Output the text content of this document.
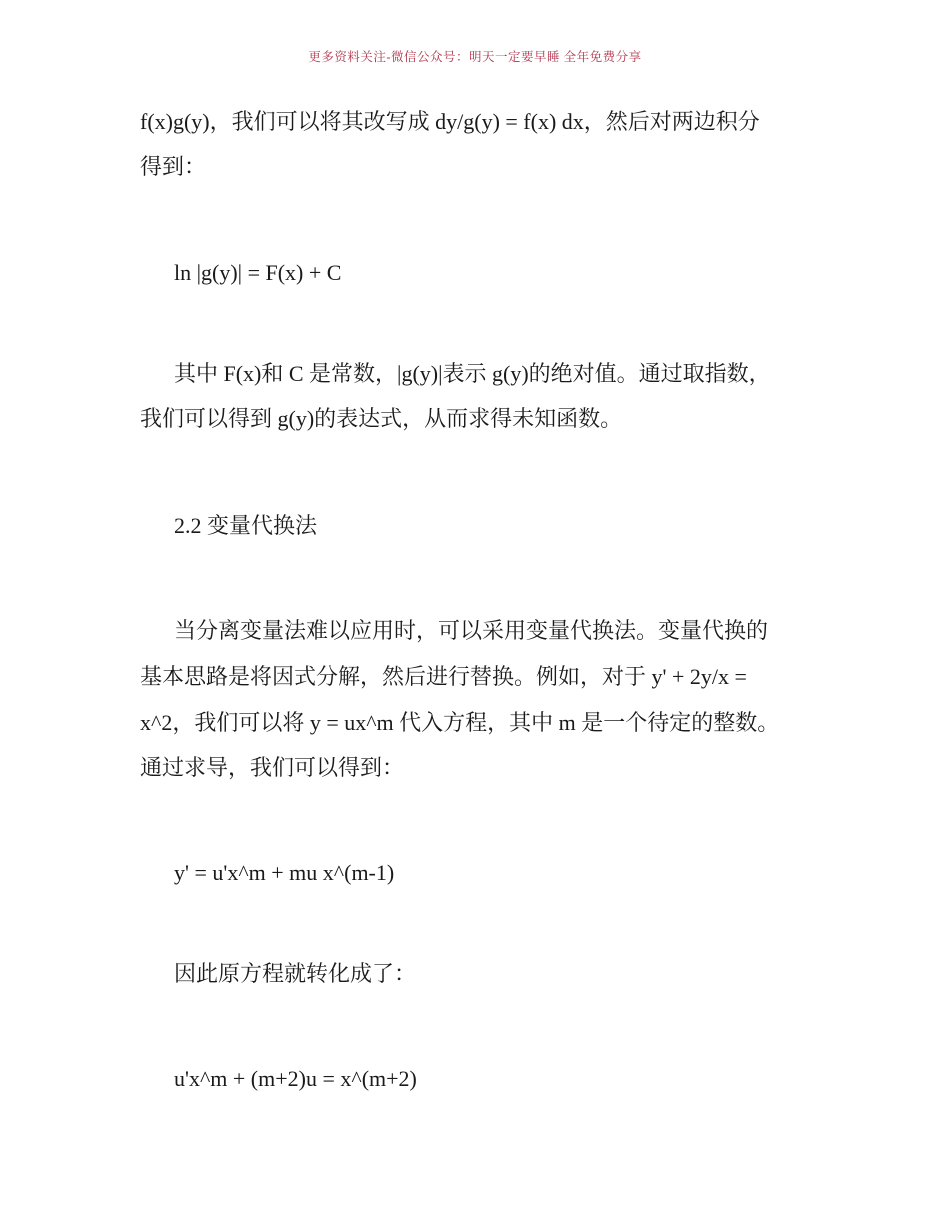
更多资料关注-微信公众号：明天一定要早睡 全年免费分享
f(x)g(y)，我们可以将其改写成 dy/g(y) = f(x) dx，然后对两边积分
得到：
ln |g(y)| = F(x) + C
其中 F(x)和 C 是常数，|g(y)|表示 g(y)的绝对值。通过取指数，
我们可以得到 g(y)的表达式，从而求得未知函数。
2.2 变量代换法
当分离变量法难以应用时，可以采用变量代换法。变量代换的
基本思路是将因式分解，然后进行替换。例如，对于 y' + 2y/x =
x^2，我们可以将 y = ux^m 代入方程，其中 m 是一个待定的整数。
通过求导，我们可以得到：
y' = u'x^m + mu x^(m-1)
因此原方程就转化成了：
u'x^m + (m+2)u = x^(m+2)
